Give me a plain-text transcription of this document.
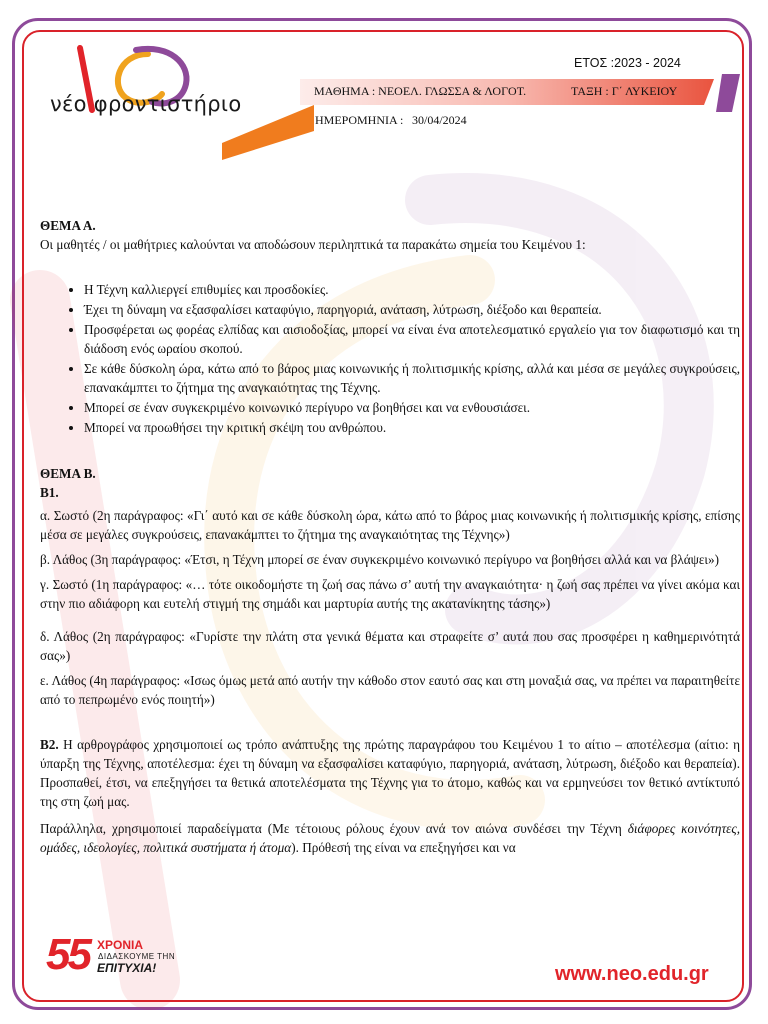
νέο φροντιστήριο
ΕΤΟΣ :2023 - 2024
ΜΑΘΗΜΑ : ΝΕΟΕΛ. ΓΛΩΣΣΑ & ΛΟΓΟΤ.	ΤΑΞΗ : Γ΄ ΛΥΚΕΙΟΥ
ΗΜΕΡΟΜΗΝΙΑ : 30/04/2024

ΘΕΜΑ Α.

Οι μαθητές / οι μαθήτριες καλούνται να αποδώσουν περιληπτικά τα παρακάτω σημεία του Κειμένου 1:

• Η Τέχνη καλλιεργεί επιθυμίες και προσδοκίες.
• Έχει τη δύναμη να εξασφαλίσει καταφύγιο, παρηγοριά, ανάταση, λύτρωση, διέξοδο και θεραπεία.
• Προσφέρεται ως φορέας ελπίδας και αισιοδοξίας, μπορεί να είναι ένα αποτελεσματικό εργαλείο για τον διαφωτισμό και τη διάδοση ενός ωραίου σκοπού.
• Σε κάθε δύσκολη ώρα, κάτω από το βάρος μιας κοινωνικής ή πολιτισμικής κρίσης, αλλά και μέσα σε μεγάλες συγκρούσεις, επανακάμπτει το ζήτημα της αναγκαιότητας της Τέχνης.
• Μπορεί σε έναν συγκεκριμένο κοινωνικό περίγυρο να βοηθήσει και να ενθουσιάσει.
• Μπορεί να προωθήσει την κριτική σκέψη του ανθρώπου.

ΘΕΜΑ Β.

Β1.

α. Σωστό (2η παράγραφος: «Γι΄ αυτό και σε κάθε δύσκολη ώρα, κάτω από το βάρος μιας κοινωνικής ή πολιτισμικής κρίσης, επίσης μέσα σε μεγάλες συγκρούσεις, επανακάμπτει το ζήτημα της αναγκαιότητας της Τέχνης»)

β. Λάθος (3η παράγραφος: «Έτσι, η Τέχνη μπορεί σε έναν συγκεκριμένο κοινωνικό περίγυρο να βοηθήσει αλλά και να βλάψει»)

γ. Σωστό (1η παράγραφος: «… τότε οικοδομήστε τη ζωή σας πάνω σ’ αυτή την αναγκαιότητα· η ζωή σας πρέπει να γίνει ακόμα και στην πιο αδιάφορη και ευτελή στιγμή της σημάδι και μαρτυρία αυτής της ακατανίκητης τάσης»)

δ. Λάθος (2η παράγραφος: «Γυρίστε την πλάτη στα γενικά θέματα και στραφείτε σ’ αυτά που σας προσφέρει η καθημερινότητά σας»)

ε. Λάθος (4η παράγραφος: «Ισως όμως μετά από αυτήν την κάθοδο στον εαυτό σας και στη μοναξιά σας, να πρέπει να παραιτηθείτε από το πεπρωμένο ενός ποιητή»)

Β2. Η αρθρογράφος χρησιμοποιεί ως τρόπο ανάπτυξης της πρώτης παραγράφου του Κειμένου 1 το αίτιο – αποτέλεσμα (αίτιο: η ύπαρξη της Τέχνης, αποτέλεσμα: έχει τη δύναμη να εξασφαλίσει καταφύγιο, παρηγοριά, ανάταση, λύτρωση, διέξοδο και θεραπεία). Προσπαθεί, έτσι, να επεξηγήσει τα θετικά αποτελέσματα της Τέχνης για το άτομο, καθώς και να ερμηνεύσει τον θετικό αντίκτυπό της στη ζωή μας.

Παράλληλα, χρησιμοποιεί παραδείγματα (Με τέτοιους ρόλους έχουν ανά τον αιώνα συνδέσει την Τέχνη διάφορες κοινότητες, ομάδες, ιδεολογίες, πολιτικά συστήματα ή άτομα). Πρόθεσή της είναι να επεξηγήσει και να

55 ΧΡΟΝΙΑ
ΔΙΔΑΣΚΟΥΜΕ ΤΗΝ
ΕΠΙΤΥΧΙΑ!	www.neo.edu.gr
